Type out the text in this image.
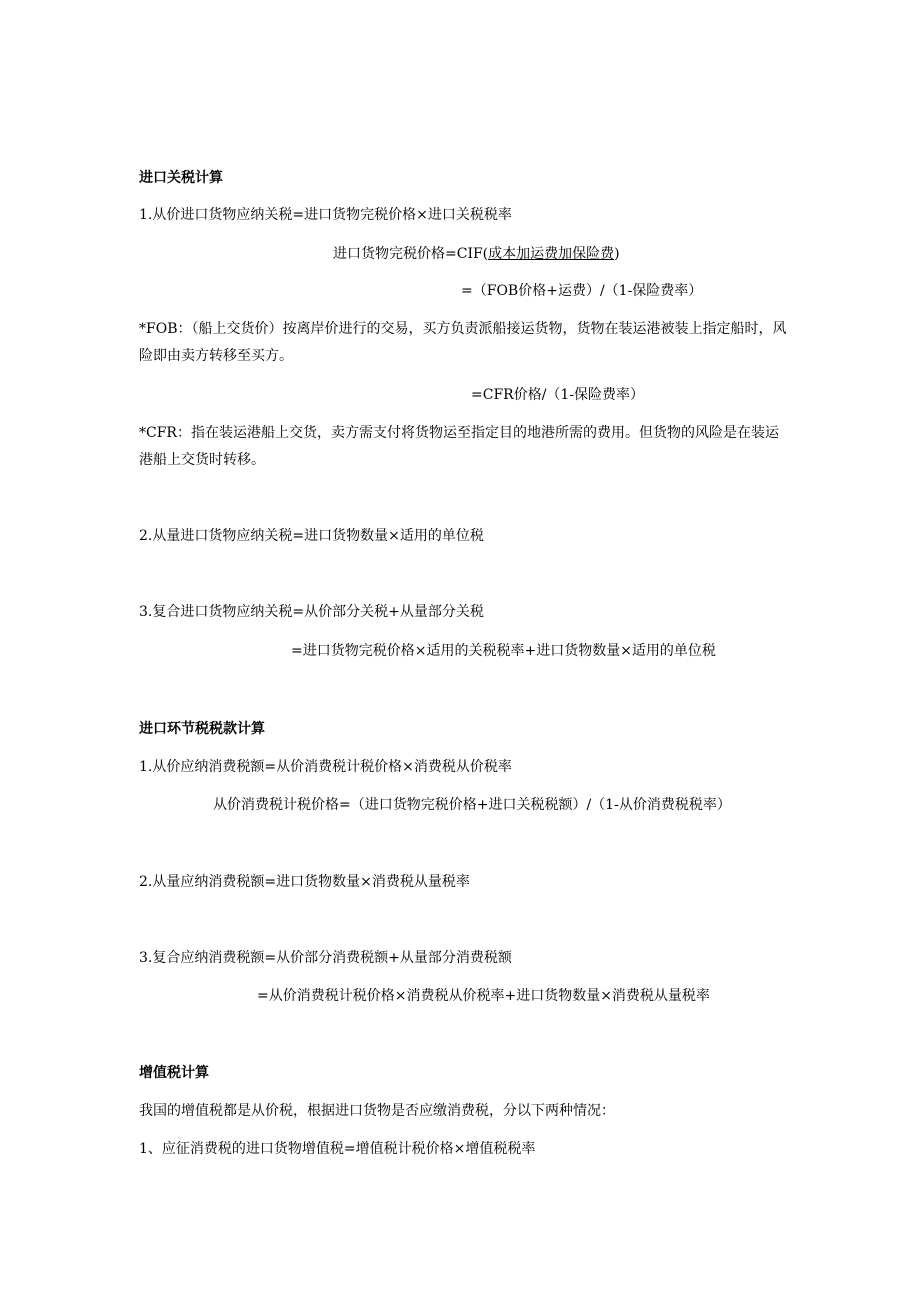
进口关税计算
1.从价进口货物应纳关税=进口货物完税价格×进口关税税率
进口货物完税价格=CIF(成本加运费加保险费)
=（FOB价格+运费）/（1-保险费率）
*FOB：（船上交货价）按离岸价进行的交易，买方负责派船接运货物，货物在装运港被装上指定船时，风险即由卖方转移至买方。
=CFR价格/（1-保险费率）
*CFR：指在装运港船上交货，卖方需支付将货物运至指定目的地港所需的费用。但货物的风险是在装运港船上交货时转移。
2.从量进口货物应纳关税=进口货物数量×适用的单位税
3.复合进口货物应纳关税=从价部分关税+从量部分关税
=进口货物完税价格×适用的关税税率+进口货物数量×适用的单位税
进口环节税税款计算
1.从价应纳消费税额=从价消费税计税价格×消费税从价税率
从价消费税计税价格=（进口货物完税价格+进口关税税额）/（1-从价消费税税率）
2.从量应纳消费税额=进口货物数量×消费税从量税率
3.复合应纳消费税额=从价部分消费税额+从量部分消费税额
=从价消费税计税价格×消费税从价税率+进口货物数量×消费税从量税率
增值税计算
我国的增值税都是从价税，根据进口货物是否应缴消费税，分以下两种情况：
1、应征消费税的进口货物增值税=增值税计税价格×增值税税率
